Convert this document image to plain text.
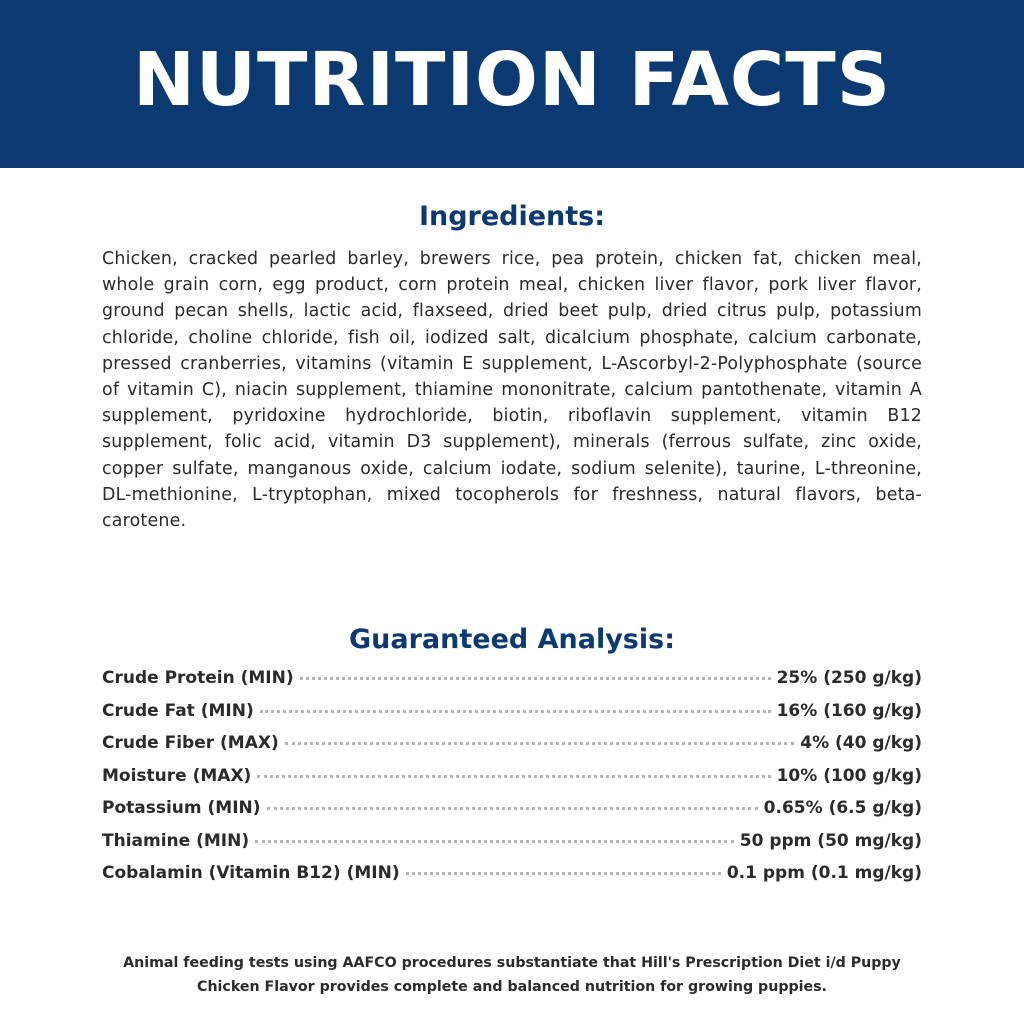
NUTRITION FACTS
Ingredients:

Chicken, cracked pearled barley, brewers rice, pea protein, chicken fat, chicken meal, whole grain corn, egg product, corn protein meal, chicken liver flavor, pork liver flavor, ground pecan shells, lactic acid, flaxseed, dried beet pulp, dried citrus pulp, potassium chloride, choline chloride, fish oil, iodized salt, dicalcium phosphate, calcium carbonate, pressed cranberries, vitamins (vitamin E supplement, L-Ascorbyl-2-Polyphosphate (source of vitamin C), niacin supplement, thiamine mononitrate, calcium pantothenate, vitamin A supplement, pyridoxine hydrochloride, biotin, riboflavin supplement, vitamin B12 supplement, folic acid, vitamin D3 supplement), minerals (ferrous sulfate, zinc oxide, copper sulfate, manganous oxide, calcium iodate, sodium selenite), taurine, L-threonine, DL-methionine, L-tryptophan, mixed tocopherols for freshness, natural flavors, beta-carotene.

Guaranteed Analysis:
Crude Protein (MIN)	25% (250 g/kg)
Crude Fat (MIN)	16% (160 g/kg)
Crude Fiber (MAX)	4% (40 g/kg)
Moisture (MAX)	10% (100 g/kg)
Potassium (MIN)	0.65% (6.5 g/kg)
Thiamine (MIN)	50 ppm (50 mg/kg)
Cobalamin (Vitamin B12) (MIN)	0.1 ppm (0.1 mg/kg)

Animal feeding tests using AAFCO procedures substantiate that Hill's Prescription Diet i/d Puppy
Chicken Flavor provides complete and balanced nutrition for growing puppies.
